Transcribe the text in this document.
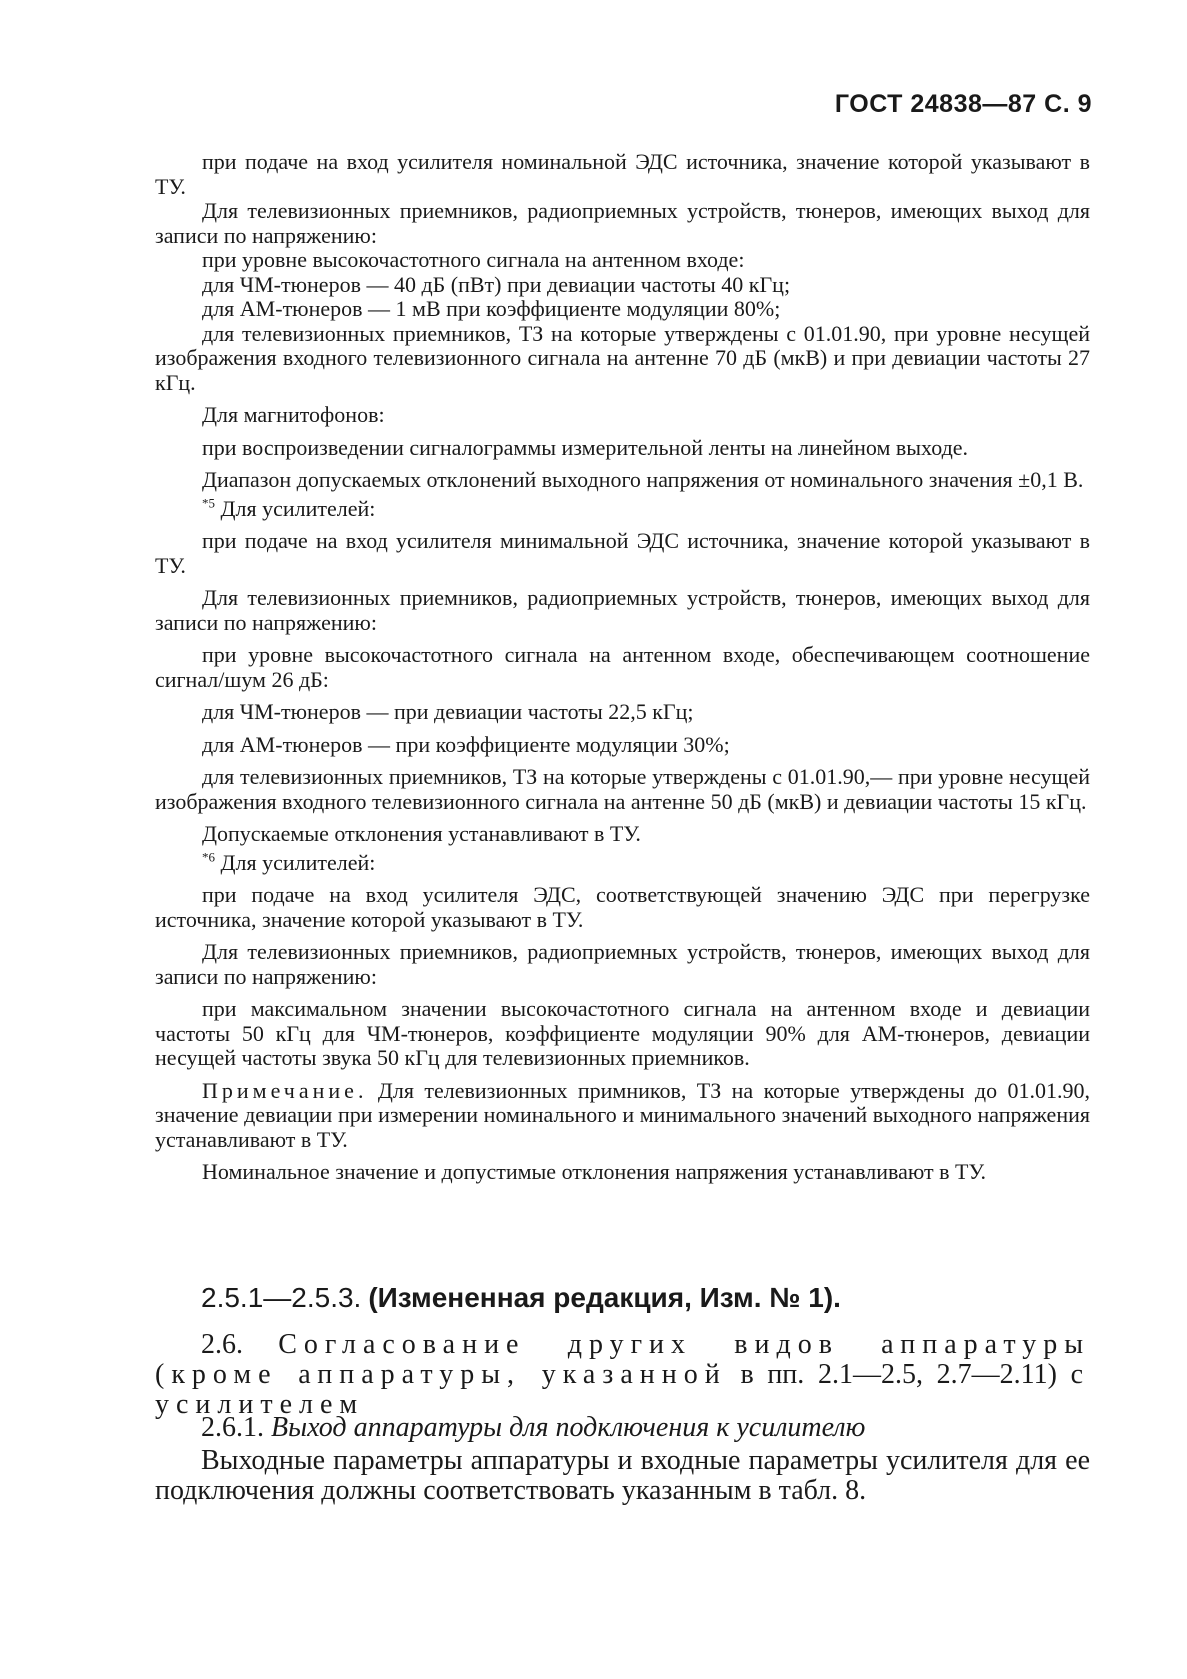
ГОСТ 24838—87 С. 9

при подаче на вход усилителя номинальной ЭДС источника, значение которой указывают в ТУ.

Для телевизионных приемников, радиоприемных устройств, тюнеров, имеющих выход для записи по напряжению:

при уровне высокочастотного сигнала на антенном входе:

для ЧМ-тюнеров — 40 дБ (пВт) при девиации частоты 40 кГц;

для АМ-тюнеров — 1 мВ при коэффициенте модуляции 80%;

для телевизионных приемников, ТЗ на которые утверждены с 01.01.90, при уровне несущей изображения входного телевизионного сигнала на антенне 70 дБ (мкВ) и при девиации частоты 27 кГц.

Для магнитофонов:

при воспроизведении сигналограммы измерительной ленты на линейном выходе.

Диапазон допускаемых отклонений выходного напряжения от номинального значения ±0,1 В.

$^{*5}$ Для усилителей:

при подаче на вход усилителя минимальной ЭДС источника, значение которой указывают в ТУ.

Для телевизионных приемников, радиоприемных устройств, тюнеров, имеющих выход для записи по напряжению:

при уровне высокочастотного сигнала на антенном входе, обеспечивающем соотношение сигнал/шум 26 дБ:

для ЧМ-тюнеров — при девиации частоты 22,5 кГц;

для АМ-тюнеров — при коэффициенте модуляции 30%;

для телевизионных приемников, ТЗ на которые утверждены с 01.01.90,— при уровне несущей изображения входного телевизионного сигнала на антенне 50 дБ (мкВ) и девиации частоты 15 кГц.

Допускаемые отклонения устанавливают в ТУ.

$^{*6}$ Для усилителей:

при подаче на вход усилителя ЭДС, соответствующей значению ЭДС при перегрузке источника, значение которой указывают в ТУ.

Для телевизионных приемников, радиоприемных устройств, тюнеров, имеющих выход для записи по напряжению:

при максимальном значении высокочастотного сигнала на антенном входе и девиации частоты 50 кГц для ЧМ-тюнеров, коэффициенте модуляции 90% для АМ-тюнеров, девиации несущей частоты звука 50 кГц для телевизионных приемников.

Примечание. Для телевизионных примников, ТЗ на которые утверждены до 01.01.90, значение девиации при измерении номинального и минимального значений выходного напряжения устанавливают в ТУ.

Номинальное значение и допустимые отклонения напряжения устанавливают в ТУ.

2.5.1—2.5.3. (Измененная редакция, Изм. № 1).

2.6. Согласование других видов аппаратуры (кроме аппаратуры, указанной в пп. 2.1—2.5, 2.7—2.11) с усилителем

2.6.1. Выход аппаратуры для подключения к усилителю

Выходные параметры аппаратуры и входные параметры усилителя для ее подключения должны соответствовать указанным в табл. 8.
